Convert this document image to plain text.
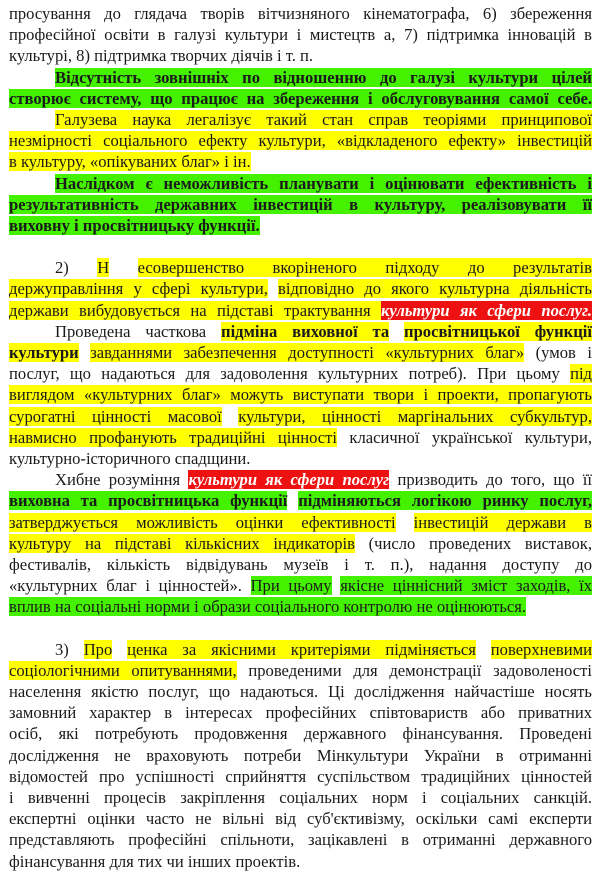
просування до глядача творів вітчизняного кінематографа, 6) збереження
професійної освіти в галузі культури і мистецтв а, 7) підтримка інновацій в
культурі, 8) підтримка творчих діячів і т. п.
Відсутність зовнішніх по відношенню до галузі культури цілей
створює систему, що працює на збереження і обслуговування самої себе.
Галузева наука легалізує такий стан справ теоріями принципової
незмірності соціального ефекту культури, «відкладеного ефекту» інвестицій
в культуру, «опікуваних благ» і ін.
Наслідком є неможливість планувати і оцінювати ефективність і
результативність державних інвестицій в культуру, реалізовувати її
виховну і просвітницьку функції.
2) Н есовершенство вкоріненого підходу до результатів
держуправління у сфері культури, відповідно до якого культурна діяльність
держави вибудовується на підставі трактування культури як сфери послуг.
Проведена часткова підміна виховної та просвітницької функції
культури завданнями забезпечення доступності «культурних благ» (умов і
послуг, що надаються для задоволення культурних потреб). При цьому під
виглядом «культурних благ» можуть виступати твори і проекти, пропагують
сурогатні цінності масової культури, цінності маргінальних субкультур,
навмисно профанують традиційні цінності класичної української культури,
культурно-історичного спадщини.
Хибне розуміння культури як сфери послуг призводить до того, що її
виховна та просвітницька функції підміняються логікою ринку послуг,
затверджується можливість оцінки ефективності інвестицій держави в
культуру на підставі кількісних індикаторів (число проведених виставок,
фестивалів, кількість відвідувань музеїв і т. п.), надання доступу до
«культурних благ і цінностей». При цьому якісне ціннісний зміст заходів, їх
вплив на соціальні норми і образи соціального контролю не оцінюються.
3) Про ценка за якісними критеріями підміняється поверхневими
соціологічними опитуваннями, проведеними для демонстрації задоволеності
населення якістю послуг, що надаються. Ці дослідження найчастіше носять
замовний характер в інтересах професійних співтовариств або приватних
осіб, які потребують продовження державного фінансування. Проведені
дослідження не враховують потреби Мінкультури України в отриманні
відомостей про успішності сприйняття суспільством традиційних цінностей
і вивченні процесів закріплення соціальних норм і соціальних санкцій.
експертні оцінки часто не вільні від суб'єктивізму, оскільки самі експерти
представляють професійні спільноти, зацікавлені в отриманні державного
фінансування для тих чи інших проектів.
